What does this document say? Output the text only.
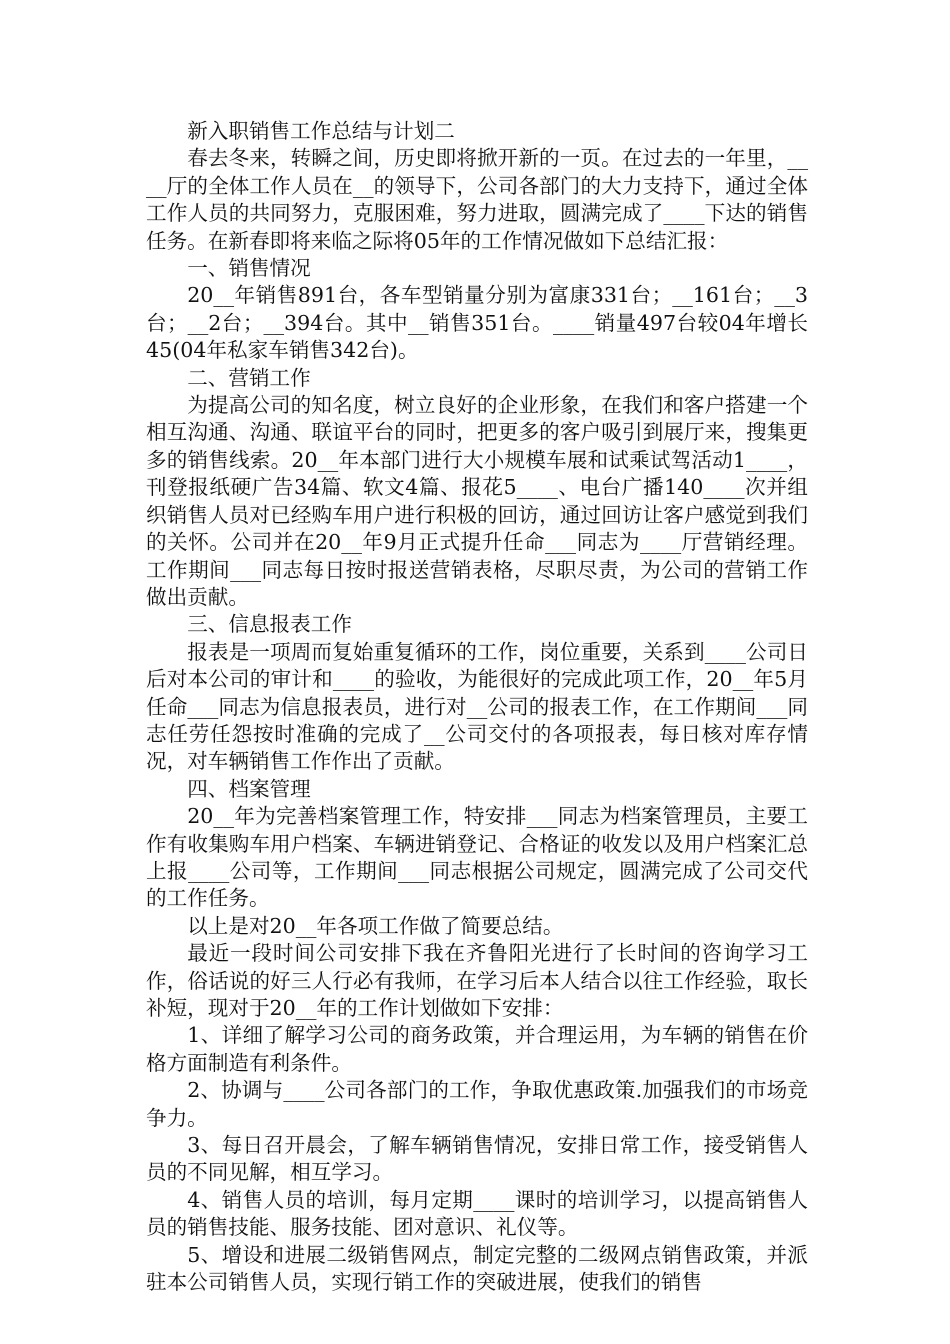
新入职销售工作总结与计划二

春去冬来，转瞬之间，历史即将掀开新的一页。在过去的一年里，____厅的全体工作人员在__的领导下，公司各部门的大力支持下，通过全体工作人员的共同努力，克服困难，努力进取，圆满完成了____下达的销售任务。在新春即将来临之际将05年的工作情况做如下总结汇报：

一、销售情况

20__年销售891台，各车型销量分别为富康331台；__161台；__3台；__2台；__394台。其中__销售351台。____销量497台较04年增长45(04年私家车销售342台)。

二、营销工作

为提高公司的知名度，树立良好的企业形象，在我们和客户搭建一个相互沟通、沟通、联谊平台的同时，把更多的客户吸引到展厅来，搜集更多的销售线索。20__年本部门进行大小规模车展和试乘试驾活动1____，刊登报纸硬广告34篇、软文4篇、报花5____、电台广播140____次并组织销售人员对已经购车用户进行积极的回访，通过回访让客户感觉到我们的关怀。公司并在20__年9月正式提升任命___同志为____厅营销经理。工作期间___同志每日按时报送营销表格，尽职尽责，为公司的营销工作做出贡献。

三、信息报表工作

报表是一项周而复始重复循环的工作，岗位重要，关系到____公司日后对本公司的审计和____的验收，为能很好的完成此项工作，20__年5月任命___同志为信息报表员，进行对__公司的报表工作，在工作期间___同志任劳任怨按时准确的完成了__公司交付的各项报表，每日核对库存情况，对车辆销售工作作出了贡献。

四、档案管理

20__年为完善档案管理工作，特安排___同志为档案管理员，主要工作有收集购车用户档案、车辆进销登记、合格证的收发以及用户档案汇总上报____公司等，工作期间___同志根据公司规定，圆满完成了公司交代的工作任务。

以上是对20__年各项工作做了简要总结。

最近一段时间公司安排下我在齐鲁阳光进行了长时间的咨询学习工作，俗话说的好三人行必有我师，在学习后本人结合以往工作经验，取长补短，现对于20__年的工作计划做如下安排：

1、详细了解学习公司的商务政策，并合理运用，为车辆的销售在价格方面制造有利条件。

2、协调与____公司各部门的工作，争取优惠政策.加强我们的市场竞争力。

3、每日召开晨会，了解车辆销售情况，安排日常工作，接受销售人员的不同见解，相互学习。

4、销售人员的培训，每月定期____课时的培训学习，以提高销售人员的销售技能、服务技能、团对意识、礼仪等。

5、增设和进展二级销售网点，制定完整的二级网点销售政策，并派驻本公司销售人员，实现行销工作的突破进展，使我们的销售
